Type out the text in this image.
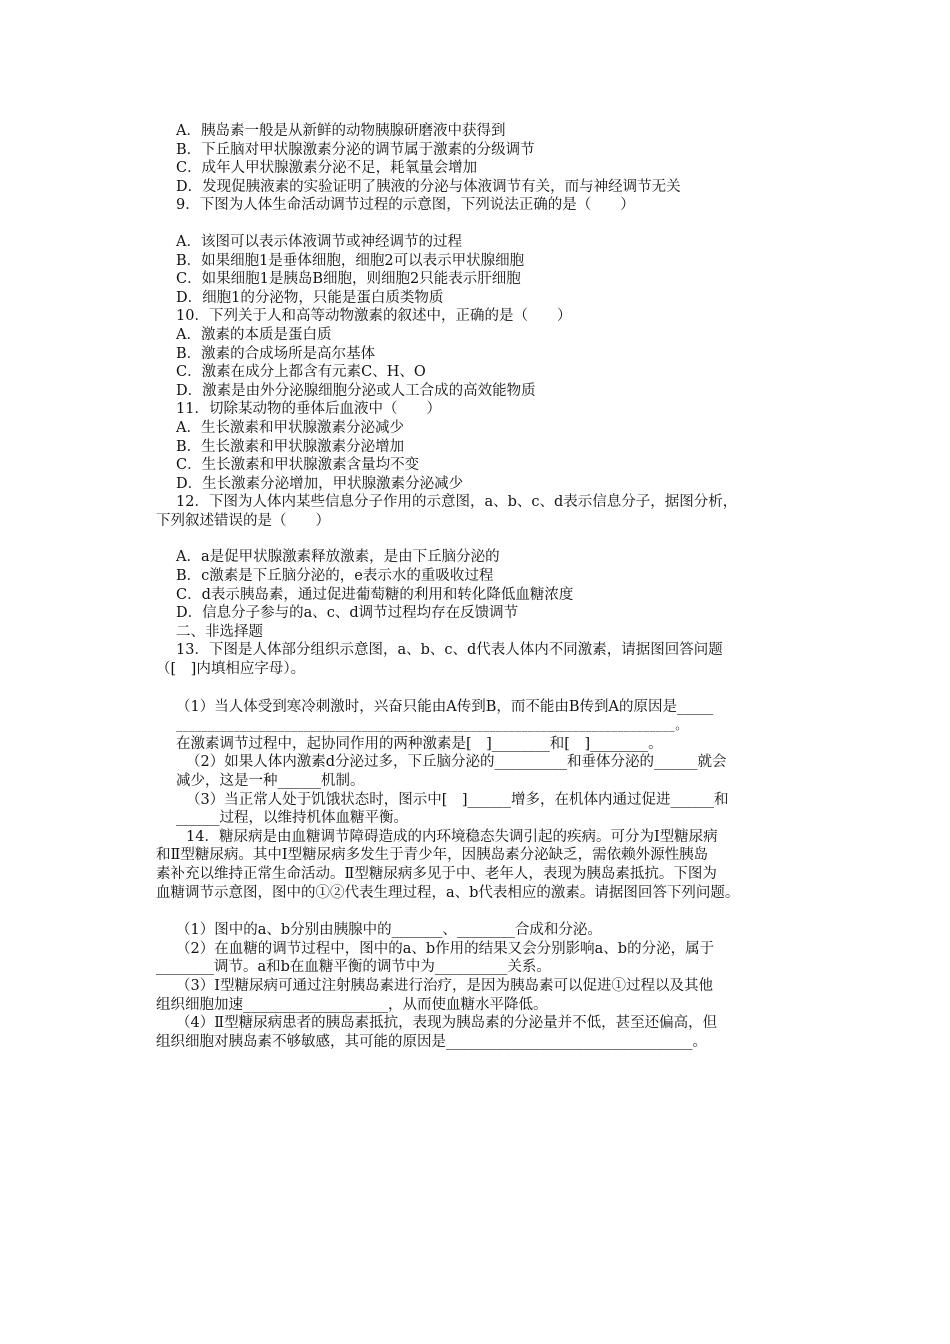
A．胰岛素一般是从新鲜的动物胰腺研磨液中获得到

B．下丘脑对甲状腺激素分泌的调节属于激素的分级调节

C．成年人甲状腺激素分泌不足，耗氧量会增加

D．发现促胰液素的实验证明了胰液的分泌与体液调节有关，而与神经调节无关

9．下图为人体生命活动调节过程的示意图，下列说法正确的是（　　）

A．该图可以表示体液调节或神经调节的过程

B．如果细胞1是垂体细胞，细胞2可以表示甲状腺细胞

C．如果细胞1是胰岛B细胞，则细胞2只能表示肝细胞

D．细胞1的分泌物，只能是蛋白质类物质

10．下列关于人和高等动物激素的叙述中，正确的是（　　）

A．激素的本质是蛋白质

B．激素的合成场所是高尔基体

C．激素在成分上都含有元素C、H、O

D．激素是由外分泌腺细胞分泌或人工合成的高效能物质

11．切除某动物的垂体后血液中（　　）

A．生长激素和甲状腺激素分泌减少

B．生长激素和甲状腺激素分泌增加

C．生长激素和甲状腺激素含量均不变

D．生长激素分泌增加，甲状腺激素分泌减少

12．下图为人体内某些信息分子作用的示意图，a、b、c、d表示信息分子，据图分析，

下列叙述错误的是（　　）

A．a是促甲状腺激素释放激素，是由下丘脑分泌的

B．c激素是下丘脑分泌的，e表示水的重吸收过程

C．d表示胰岛素，通过促进葡萄糖的利用和转化降低血糖浓度

D．信息分子参与的a、c、d调节过程均存在反馈调节

二、非选择题

13．下图是人体部分组织示意图，a、b、c、d代表人体内不同激素，请据图回答问题

（[　]内填相应字母）。

（1）当人体受到寒冷刺激时，兴奋只能由A传到B，而不能由B传到A的原因是_____

______________________________________________________________________________。

在激素调节过程中，起协同作用的两种激素是[　]________和[　]________。

（2）如果人体内激素d分泌过多，下丘脑分泌的__________和垂体分泌的______就会

减少，这是一种______机制。

（3）当正常人处于饥饿状态时，图示中[　]______增多，在机体内通过促进______和

______过程，以维持机体血糖平衡。

14．糖尿病是由血糖调节障碍造成的内环境稳态失调引起的疾病。可分为Ⅰ型糖尿病

和Ⅱ型糖尿病。其中Ⅰ型糖尿病多发生于青少年，因胰岛素分泌缺乏，需依赖外源性胰岛

素补充以维持正常生命活动。Ⅱ型糖尿病多见于中、老年人，表现为胰岛素抵抗。下图为

血糖调节示意图，图中的①②代表生理过程，a、b代表相应的激素。请据图回答下列问题。

（1）图中的a、b分别由胰腺中的_______、________合成和分泌。

（2）在血糖的调节过程中，图中的a、b作用的结果又会分别影响a、b的分泌，属于

________调节。a和b在血糖平衡的调节中为__________关系。

（3）Ⅰ型糖尿病可通过注射胰岛素进行治疗，是因为胰岛素可以促进①过程以及其他

组织细胞加速____________________，从而使血糖水平降低。

（4）Ⅱ型糖尿病患者的胰岛素抵抗，表现为胰岛素的分泌量并不低，甚至还偏高，但

组织细胞对胰岛素不够敏感，其可能的原因是__________________________________。
